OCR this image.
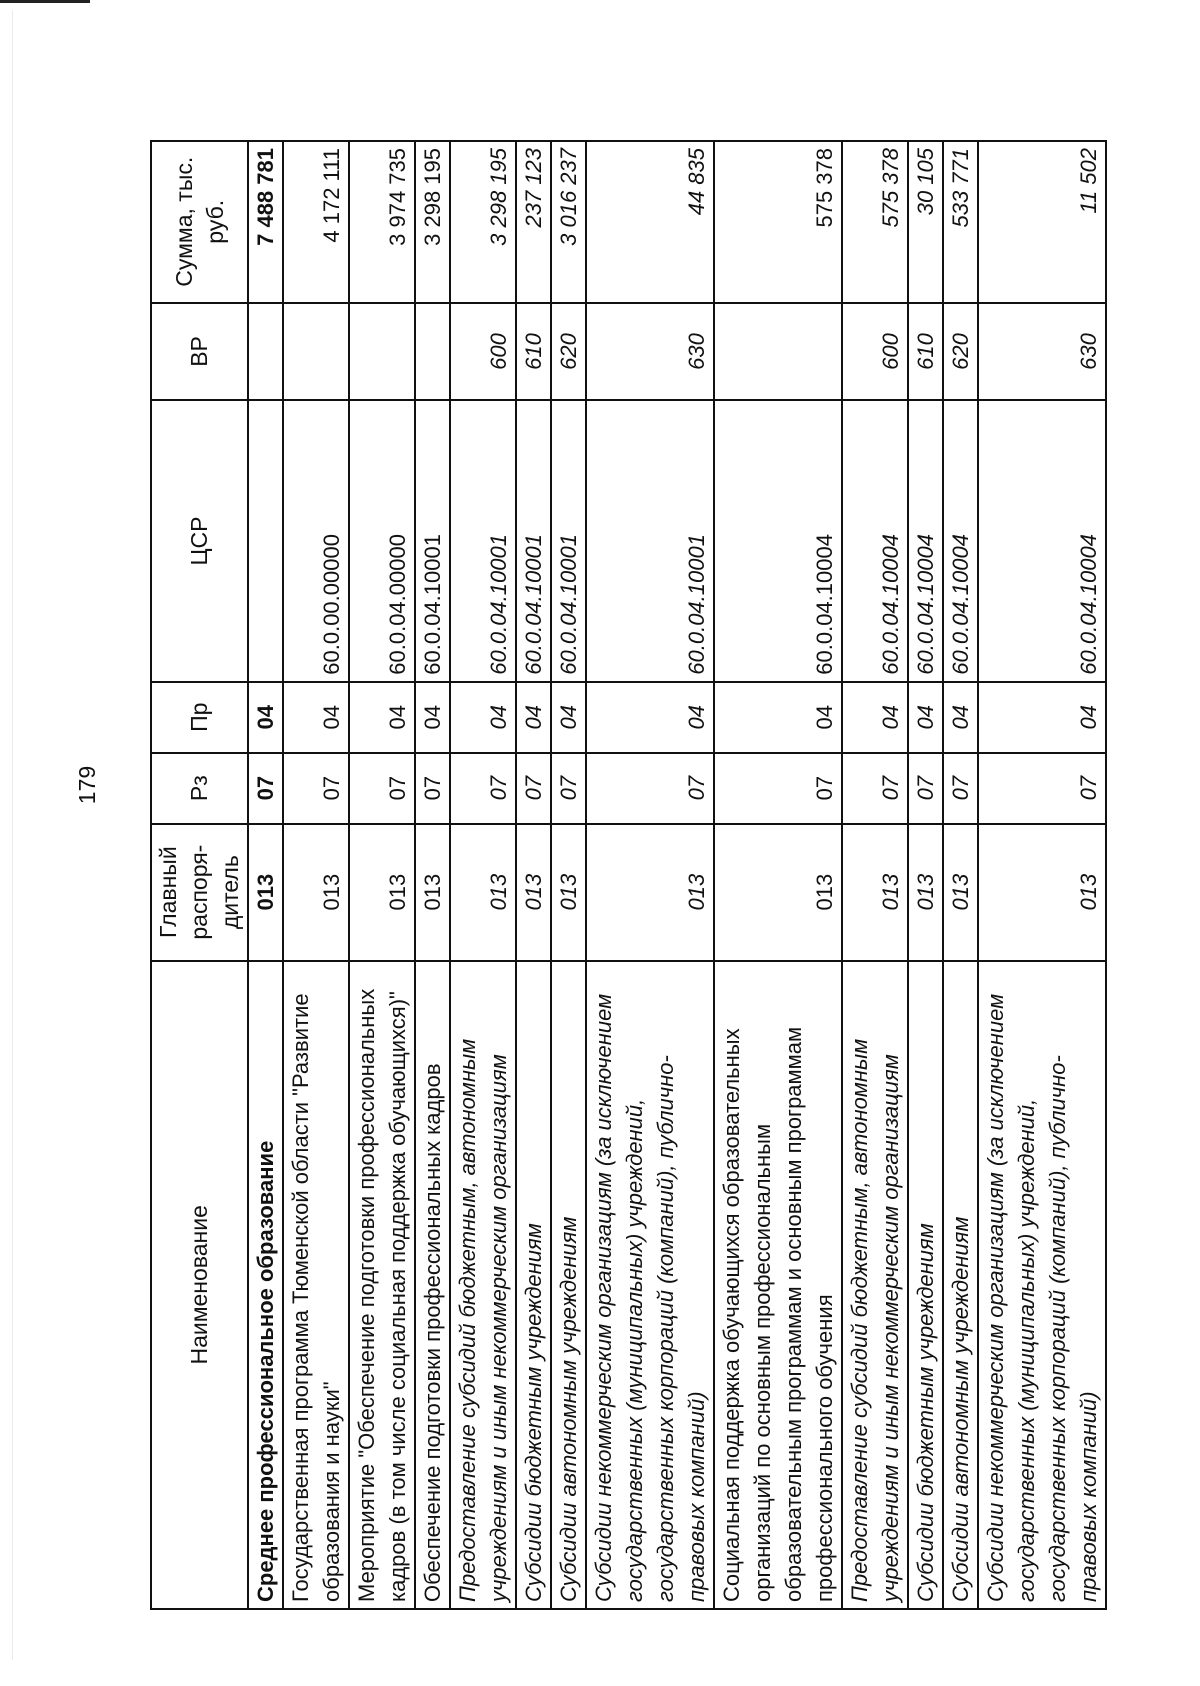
179
Наименование	Главный распоря-дитель	Рз	Пр	ЦСР	ВР	Сумма, тыс. руб.
Среднее профессиональное образование	013	07	04			7 488 781
Государственная программа Тюменской области "Развитие образования и науки"	013	07	04	60.0.00.00000		4 172 111
Мероприятие "Обеспечение подготовки профессиональных кадров (в том числе социальная поддержка обучающихся)"	013	07	04	60.0.04.00000		3 974 735
Обеспечение подготовки профессиональных кадров	013	07	04	60.0.04.10001		3 298 195
Предоставление субсидий бюджетным, автономным учреждениям и иным некоммерческим организациям	013	07	04	60.0.04.10001	600	3 298 195
Субсидии бюджетным учреждениям	013	07	04	60.0.04.10001	610	237 123
Субсидии автономным учреждениям	013	07	04	60.0.04.10001	620	3 016 237
Субсидии некоммерческим организациям (за исключением государственных (муниципальных) учреждений, государственных корпораций (компаний), публично-правовых компаний)	013	07	04	60.0.04.10001	630	44 835
Социальная поддержка обучающихся образовательных организаций по основным профессиональным образовательным программам и основным программам профессионального обучения	013	07	04	60.0.04.10004		575 378
Предоставление субсидий бюджетным, автономным учреждениям и иным некоммерческим организациям	013	07	04	60.0.04.10004	600	575 378
Субсидии бюджетным учреждениям	013	07	04	60.0.04.10004	610	30 105
Субсидии автономным учреждениям	013	07	04	60.0.04.10004	620	533 771
Субсидии некоммерческим организациям (за исключением государственных (муниципальных) учреждений, государственных корпораций (компаний), публично-правовых компаний)	013	07	04	60.0.04.10004	630	11 502
